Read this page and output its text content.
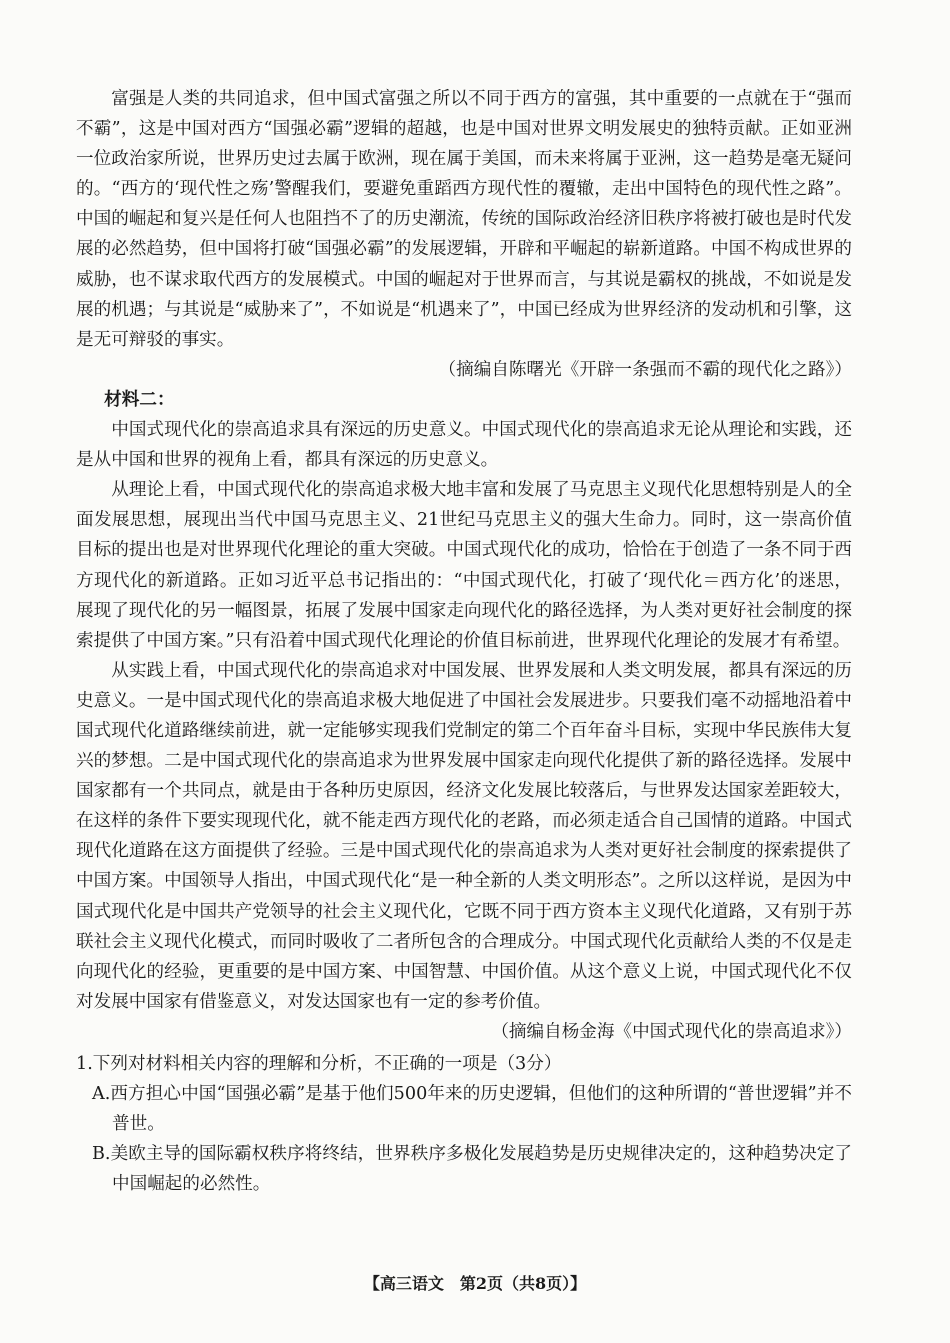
富强是人类的共同追求，但中国式富强之所以不同于西方的富强，其中重要的一点就在于“强而不霸”，这是中国对西方“国强必霸”逻辑的超越，也是中国对世界文明发展史的独特贡献。正如亚洲一位政治家所说，世界历史过去属于欧洲，现在属于美国，而未来将属于亚洲，这一趋势是毫无疑问的。“西方的‘现代性之殇’警醒我们，要避免重蹈西方现代性的覆辙，走出中国特色的现代性之路”。中国的崛起和复兴是任何人也阻挡不了的历史潮流，传统的国际政治经济旧秩序将被打破也是时代发展的必然趋势，但中国将打破“国强必霸”的发展逻辑，开辟和平崛起的崭新道路。中国不构成世界的威胁，也不谋求取代西方的发展模式。中国的崛起对于世界而言，与其说是霸权的挑战，不如说是发展的机遇；与其说是“威胁来了”，不如说是“机遇来了”，中国已经成为世界经济的发动机和引擎，这是无可辩驳的事实。

（摘编自陈曙光《开辟一条强而不霸的现代化之路》）

材料二：

中国式现代化的崇高追求具有深远的历史意义。中国式现代化的崇高追求无论从理论和实践，还是从中国和世界的视角上看，都具有深远的历史意义。

从理论上看，中国式现代化的崇高追求极大地丰富和发展了马克思主义现代化思想特别是人的全面发展思想，展现出当代中国马克思主义、21世纪马克思主义的强大生命力。同时，这一崇高价值目标的提出也是对世界现代化理论的重大突破。中国式现代化的成功，恰恰在于创造了一条不同于西方现代化的新道路。正如习近平总书记指出的：“中国式现代化，打破了‘现代化＝西方化’的迷思，展现了现代化的另一幅图景，拓展了发展中国家走向现代化的路径选择，为人类对更好社会制度的探索提供了中国方案。”只有沿着中国式现代化理论的价值目标前进，世界现代化理论的发展才有希望。

从实践上看，中国式现代化的崇高追求对中国发展、世界发展和人类文明发展，都具有深远的历史意义。一是中国式现代化的崇高追求极大地促进了中国社会发展进步。只要我们毫不动摇地沿着中国式现代化道路继续前进，就一定能够实现我们党制定的第二个百年奋斗目标，实现中华民族伟大复兴的梦想。二是中国式现代化的崇高追求为世界发展中国家走向现代化提供了新的路径选择。发展中国家都有一个共同点，就是由于各种历史原因，经济文化发展比较落后，与世界发达国家差距较大，在这样的条件下要实现现代化，就不能走西方现代化的老路，而必须走适合自己国情的道路。中国式现代化道路在这方面提供了经验。三是中国式现代化的崇高追求为人类对更好社会制度的探索提供了中国方案。中国领导人指出，中国式现代化“是一种全新的人类文明形态”。之所以这样说，是因为中国式现代化是中国共产党领导的社会主义现代化，它既不同于西方资本主义现代化道路，又有别于苏联社会主义现代化模式，而同时吸收了二者所包含的合理成分。中国式现代化贡献给人类的不仅是走向现代化的经验，更重要的是中国方案、中国智慧、中国价值。从这个意义上说，中国式现代化不仅对发展中国家有借鉴意义，对发达国家也有一定的参考价值。

（摘编自杨金海《中国式现代化的崇高追求》）

1.下列对材料相关内容的理解和分析，不正确的一项是（3分）

A.西方担心中国“国强必霸”是基于他们500年来的历史逻辑，但他们的这种所谓的“普世逻辑”并不普世。

B.美欧主导的国际霸权秩序将终结，世界秩序多极化发展趋势是历史规律决定的，这种趋势决定了中国崛起的必然性。

【高三语文　第2页（共8页）】
